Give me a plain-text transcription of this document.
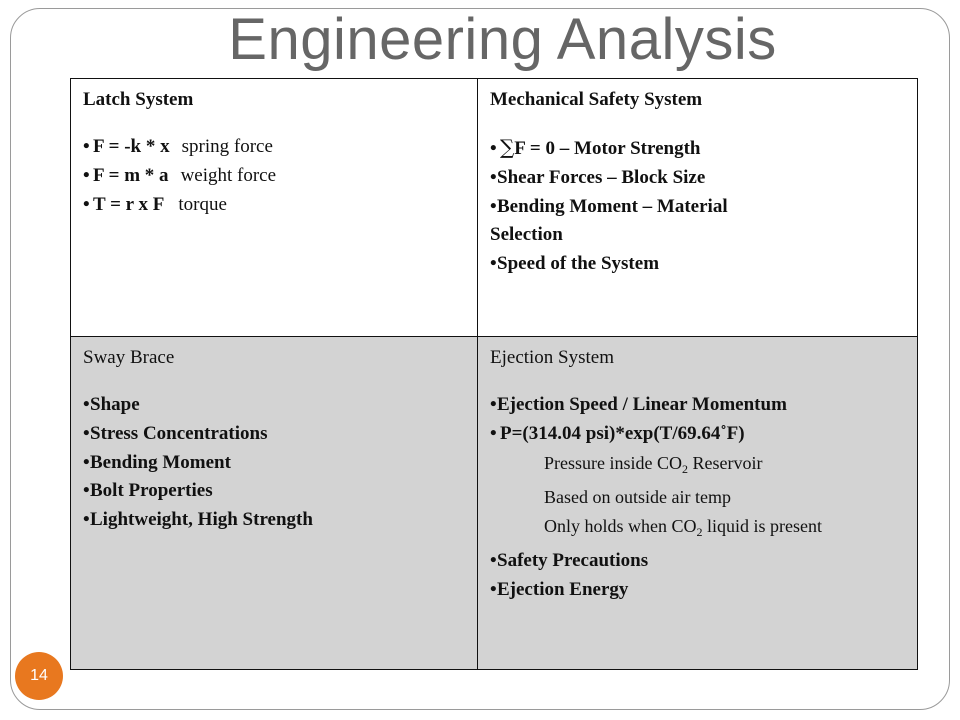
Engineering Analysis
Latch System
• F = -k * x spring force
• F = m * a weight force
• T = r x F torque
Mechanical Safety System
• ∑F = 0 – Motor Strength
•Shear Forces – Block Size
•Bending Moment – Material
Selection
•Speed of the System
Sway Brace
•Shape
•Stress Concentrations
•Bending Moment
•Bolt Properties
•Lightweight, High Strength
Ejection System
•Ejection Speed / Linear Momentum
• P=(314.04 psi)*exp(T/69.64˚F)
Pressure inside $CO_2$ Reservoir
Based on outside air temp
Only holds when $CO_2$ liquid is present
•Safety Precautions
•Ejection Energy
14
